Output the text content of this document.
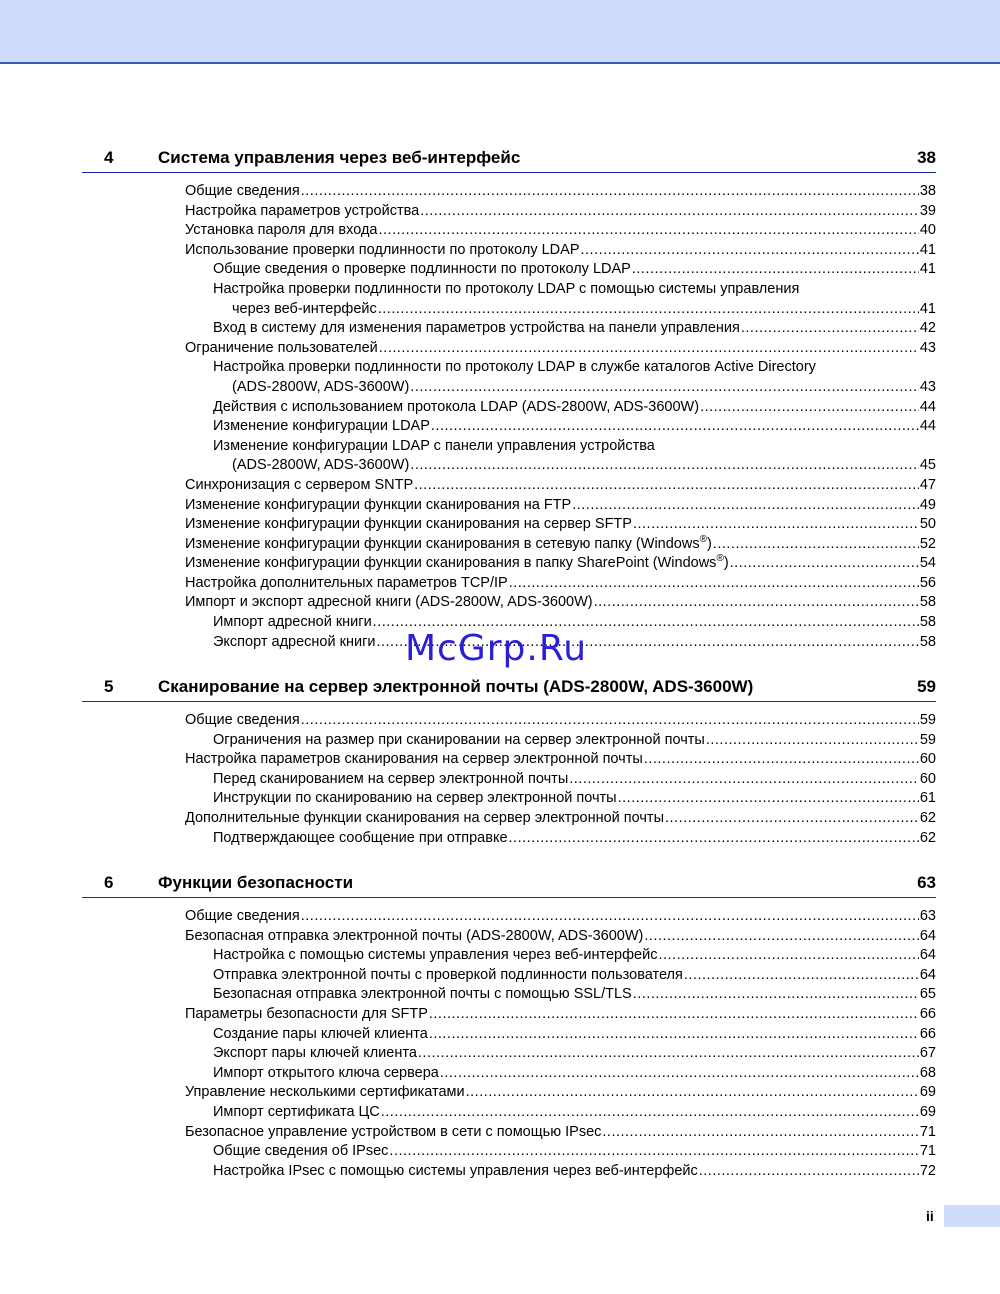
4	Система управления через веб-интерфейс	38
Общие сведения .....	38
Настройка параметров устройства .....	39
Установка пароля для входа .....	40
Использование проверки подлинности по протоколу LDAP .....	41
Общие сведения о проверке подлинности по протоколу LDAP .....	41
Настройка проверки подлинности по протоколу LDAP с помощью системы управления
через веб-интерфейс .....	41
Вход в систему для изменения параметров устройства на панели управления .....	42
Ограничение пользователей .....	43
Настройка проверки подлинности по протоколу LDAP в службе каталогов Active Directory
(ADS-2800W, ADS-3600W) .....	43
Действия с использованием протокола LDAP (ADS-2800W, ADS-3600W) .....	44
Изменение конфигурации LDAP .....	44
Изменение конфигурации LDAP с панели управления устройства
(ADS-2800W, ADS-3600W) .....	45
Синхронизация с сервером SNTP .....	47
Изменение конфигурации функции сканирования на FTP .....	49
Изменение конфигурации функции сканирования на сервер SFTP .....	50
Изменение конфигурации функции сканирования в сетевую папку (Windows®) .....	52
Изменение конфигурации функции сканирования в папку SharePoint (Windows®) .....	54
Настройка дополнительных параметров TCP/IP .....	56
Импорт и экспорт адресной книги (ADS-2800W, ADS-3600W) .....	58
Импорт адресной книги .....	58
Экспорт адресной книги .....	58
5	Сканирование на сервер электронной почты (ADS-2800W, ADS-3600W)	59
Общие сведения .....	59
Ограничения на размер при сканировании на сервер электронной почты .....	59
Настройка параметров сканирования на сервер электронной почты .....	60
Перед сканированием на сервер электронной почты .....	60
Инструкции по сканированию на сервер электронной почты .....	61
Дополнительные функции сканирования на сервер электронной почты .....	62
Подтверждающее сообщение при отправке .....	62
6	Функции безопасности	63
Общие сведения .....	63
Безопасная отправка электронной почты (ADS-2800W, ADS-3600W) .....	64
Настройка с помощью системы управления через веб-интерфейс .....	64
Отправка электронной почты с проверкой подлинности пользователя .....	64
Безопасная отправка электронной почты с помощью SSL/TLS .....	65
Параметры безопасности для SFTP .....	66
Создание пары ключей клиента .....	66
Экспорт пары ключей клиента .....	67
Импорт открытого ключа сервера .....	68
Управление несколькими сертификатами .....	69
Импорт сертификата ЦС .....	69
Безопасное управление устройством в сети с помощью IPsec .....	71
Общие сведения об IPsec .....	71
Настройка IPsec с помощью системы управления через веб-интерфейс .....	72
McGrp.Ru
ii
